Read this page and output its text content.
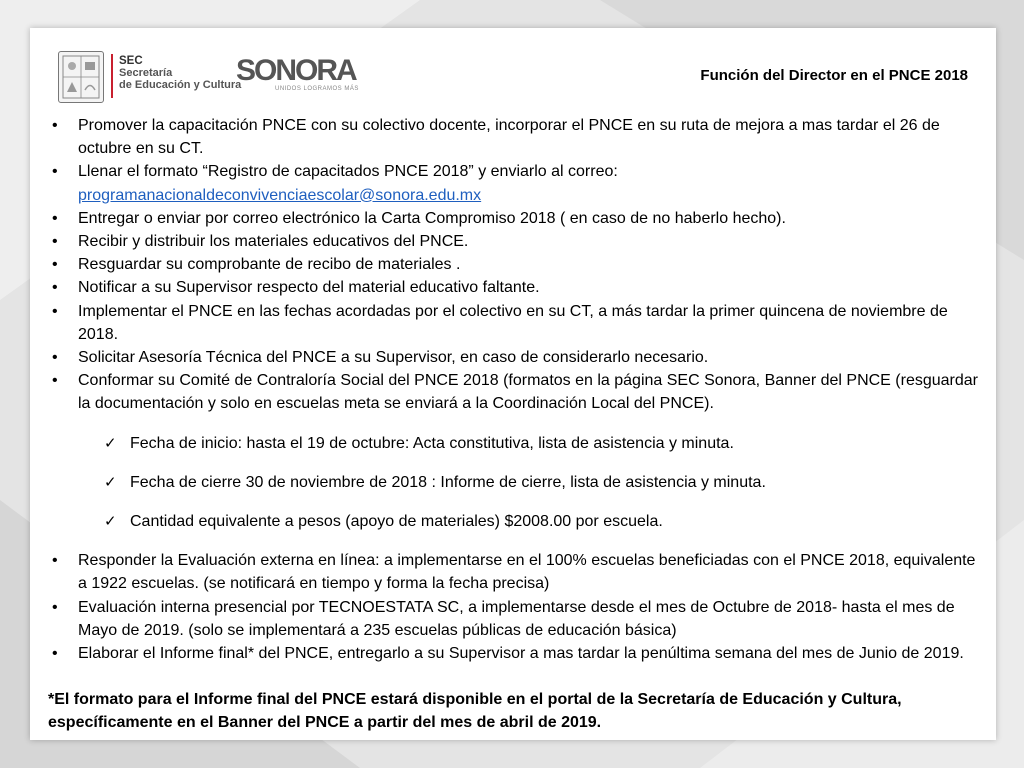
SEC
Secretaría
de Educación y Cultura
SONORA
UNIDOS LOGRAMOS MÁS
Función del Director en el PNCE 2018

• Promover la capacitación PNCE con su colectivo docente, incorporar el PNCE en su ruta de mejora a mas tardar el 26 de octubre en su CT.

• Llenar el formato “Registro de capacitados PNCE 2018” y enviarlo al correo:
programanacionaldeconvivenciaescolar@sonora.edu.mx

• Entregar o enviar por correo electrónico la Carta Compromiso 2018 ( en caso de no haberlo hecho).

• Recibir y distribuir los materiales educativos del PNCE.

• Resguardar su comprobante de recibo de materiales .

• Notificar a su Supervisor respecto del material educativo faltante.

• Implementar el PNCE en las fechas acordadas por el colectivo en su CT, a más tardar la primer quincena de noviembre de 2018.

• Solicitar Asesoría Técnica del PNCE a su Supervisor, en caso de considerarlo necesario.

• Conformar su Comité de Contraloría Social del PNCE 2018 (formatos en la página SEC Sonora, Banner del PNCE (resguardar la documentación y solo en escuelas meta se enviará a la Coordinación Local del PNCE).

✓ Fecha de inicio: hasta el 19 de octubre: Acta constitutiva, lista de asistencia y minuta.

✓ Fecha de cierre 30 de noviembre de 2018 : Informe de cierre, lista de asistencia y minuta.

✓ Cantidad equivalente a pesos (apoyo de materiales) $2008.00 por escuela.

• Responder la Evaluación externa en línea: a implementarse en el 100% escuelas beneficiadas con el PNCE 2018, equivalente a 1922 escuelas. (se notificará en tiempo y forma la fecha precisa)

• Evaluación interna presencial por TECNOESTATA SC, a implementarse desde el mes de Octubre de 2018- hasta el mes de Mayo de 2019. (solo se implementará a 235 escuelas públicas de educación básica)

• Elaborar el Informe final* del PNCE, entregarlo a su Supervisor a mas tardar la penúltima semana del mes de Junio de 2019.

*El formato para el Informe final del PNCE estará disponible en el portal de la Secretaría de Educación y Cultura, específicamente en el Banner del PNCE a partir del mes de abril de 2019.
